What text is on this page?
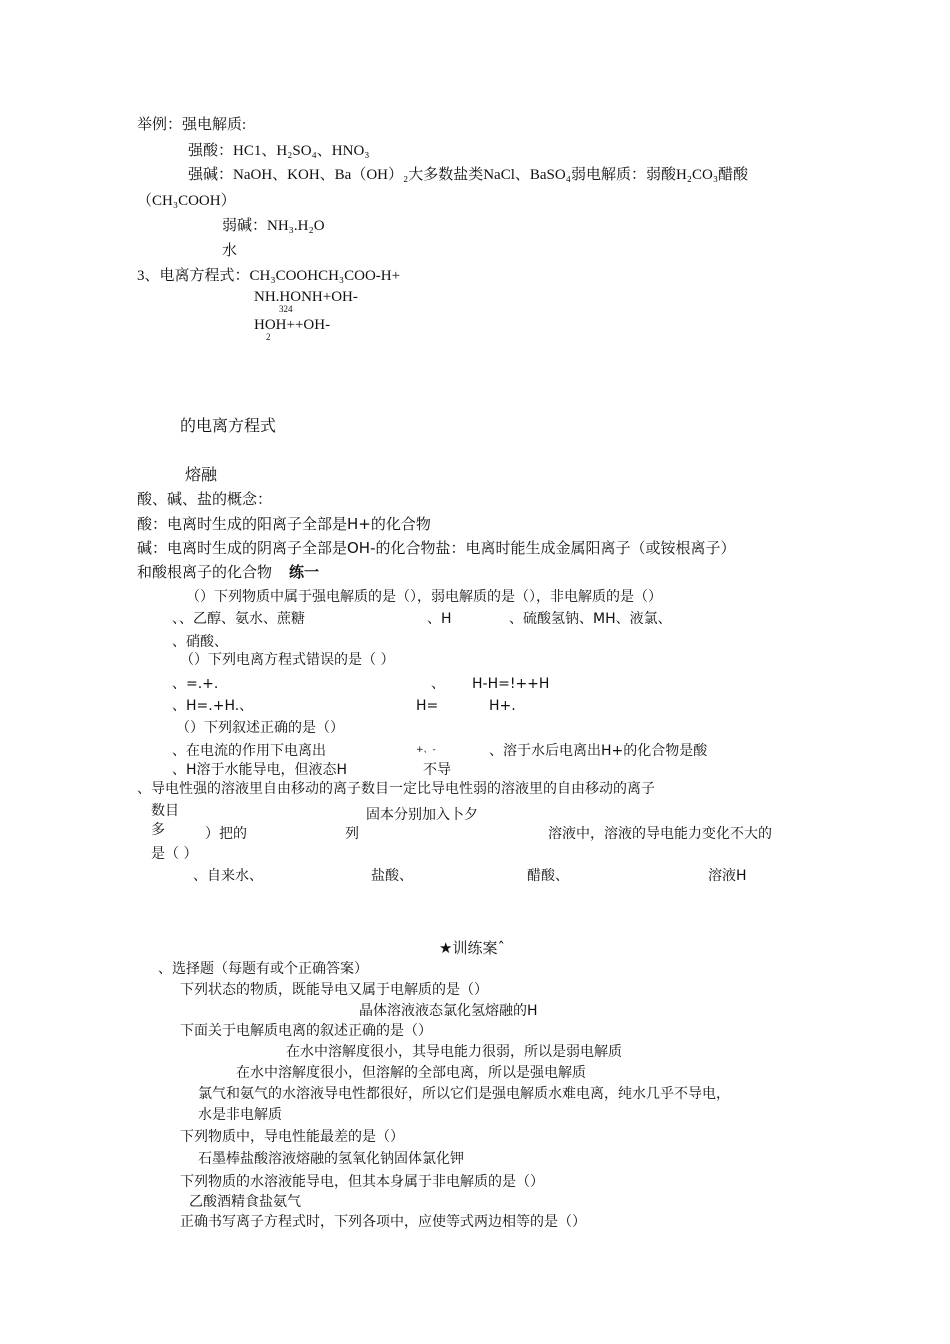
举例：强电解质:
强酸：HC1、H₂SO₄、HNO₃
强碱：NaOH、KOH、Ba（OH）₂大多数盐类NaCl、BaSO₄弱电解质：弱酸H₂CO₃醋酸
（CH₃COOH）
弱碱：NH₃.H₂O
水
3、电离方程式：CH₃COOHCH₃COO-H+
NH.HONH+OH-
324
HOH++OH-
2
的电离方程式
熔融
酸、碱、盐的概念：
酸：电离时生成的阳离子全部是H+的化合物
碱：电离时生成的阴离子全部是OH-的化合物盐：电离时能生成金属阳离子（或铵根离子）
和酸根离子的化合物 练一
（）下列物质中属于强电解质的是（），弱电解质的是（），非电解质的是（）
、、乙醇、氨水、蔗糖	、H	、硫酸氢钠、MH、液氯、
、硝酸、
（）下列电离方程式错误的是（ ）
、=.+.	、 H-H=!++H
、H=.+H.、	H=	H+.
（）下列叙述正确的是（）
、在电流的作用下电离出	+、-	、溶于水后电离出H+的化合物是酸
、H溶于水能导电，但液态H	不导
、导电性强的溶液里自由移动的离子数目一定比导电性弱的溶液里的自由移动的离子
数目	固本分别加入卜夕
多	）把的	列	溶液中，溶液的导电能力变化不大的
是（ ）
、自来水、	盐酸、	醋酸、	溶液H
★训练案ˆ
、选择题（每题有或个正确答案）
下列状态的物质，既能导电又属于电解质的是（）
晶体溶液液态氯化氢熔融的H
下面关于电解质电离的叙述正确的是（）
在水中溶解度很小，其导电能力很弱，所以是弱电解质
在水中溶解度很小，但溶解的全部电离，所以是强电解质
氯气和氨气的水溶液导电性都很好，所以它们是强电解质水难电离，纯水几乎不导电，
水是非电解质
下列物质中，导电性能最差的是（）
石墨棒盐酸溶液熔融的氢氧化钠固体氯化钾
下列物质的水溶液能导电，但其本身属于非电解质的是（）
乙酸酒精食盐氨气
正确书写离子方程式时，下列各项中，应使等式两边相等的是（）
